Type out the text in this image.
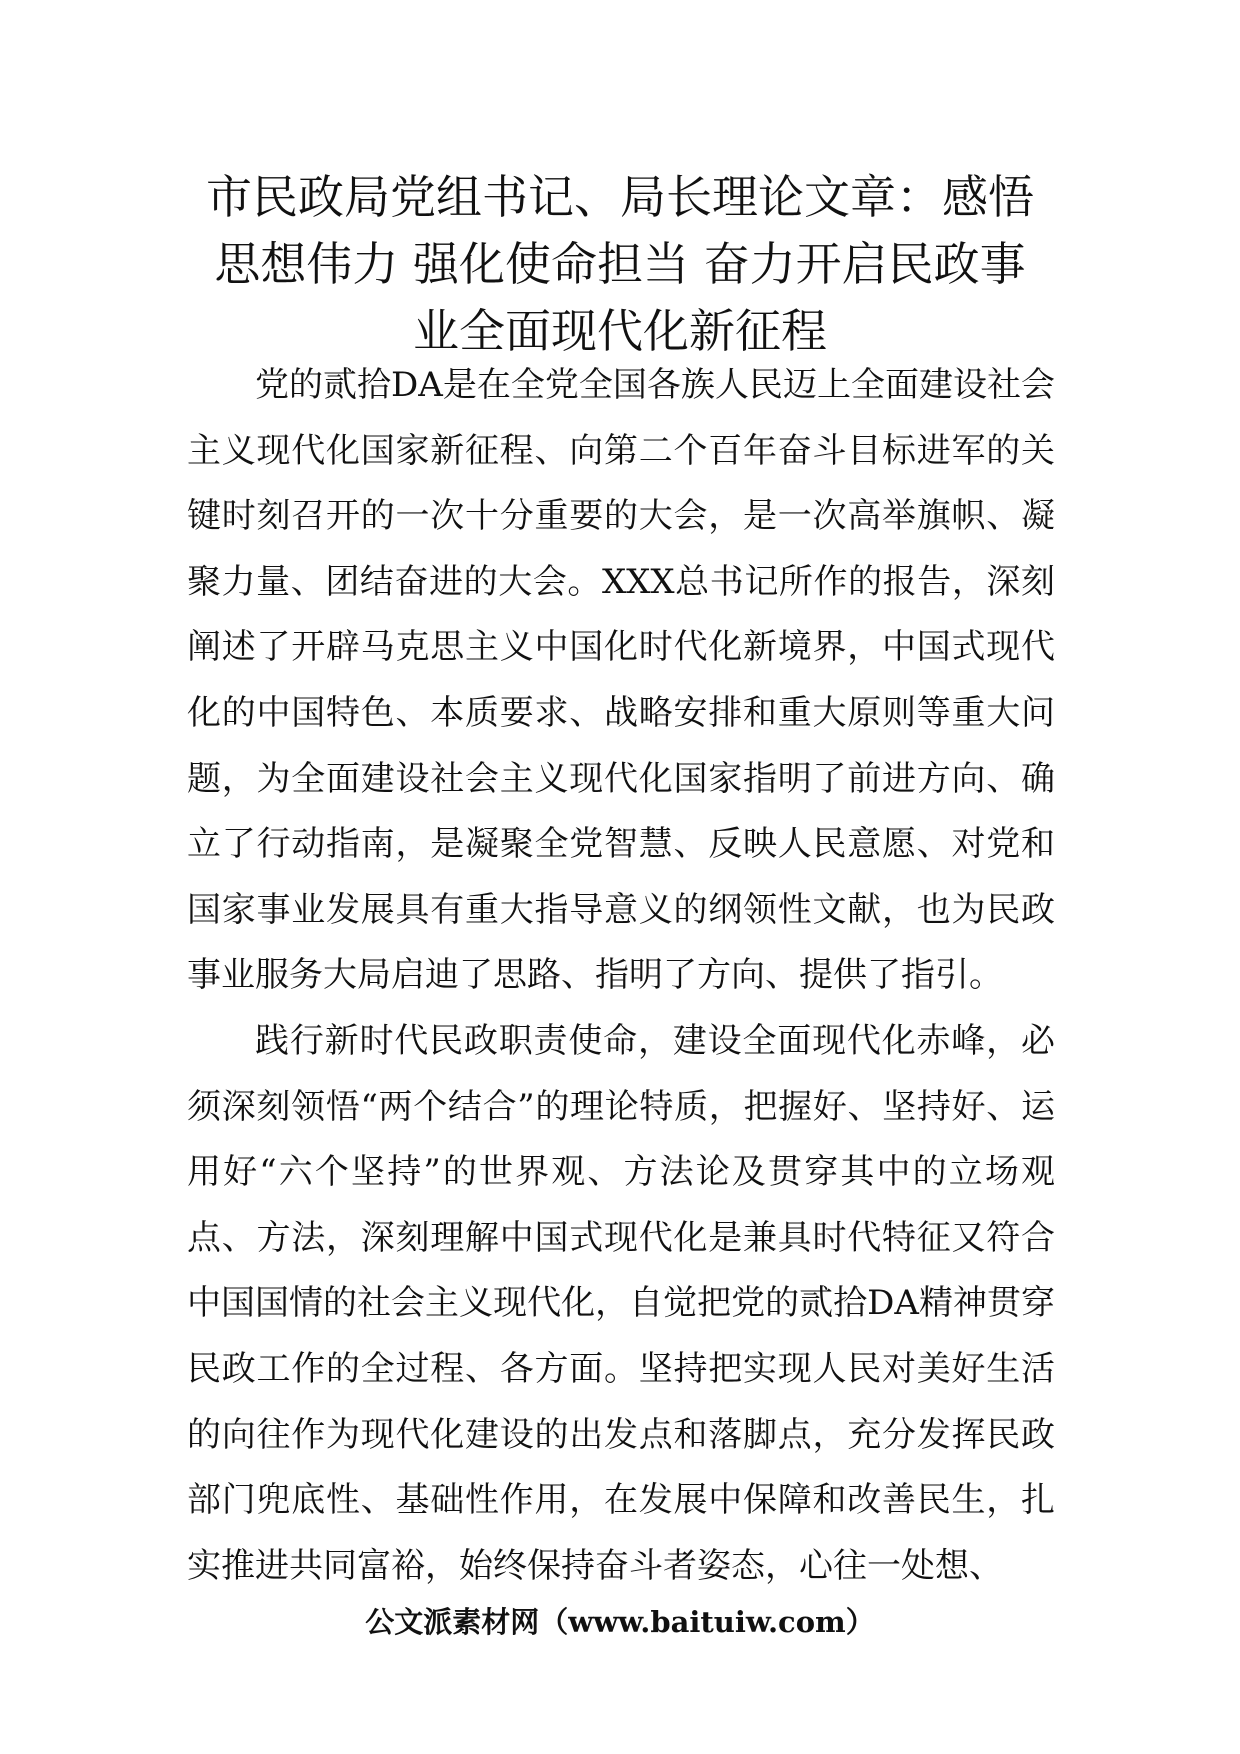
市民政局党组书记、局长理论文章：感悟思想伟力 强化使命担当 奋力开启民政事业全面现代化新征程

党的贰拾DA是在全党全国各族人民迈上全面建设社会主义现代化国家新征程、向第二个百年奋斗目标进军的关键时刻召开的一次十分重要的大会，是一次高举旗帜、凝聚力量、团结奋进的大会。XXX总书记所作的报告，深刻阐述了开辟马克思主义中国化时代化新境界，中国式现代化的中国特色、本质要求、战略安排和重大原则等重大问题，为全面建设社会主义现代化国家指明了前进方向、确立了行动指南，是凝聚全党智慧、反映人民意愿、对党和国家事业发展具有重大指导意义的纲领性文献，也为民政事业服务大局启迪了思路、指明了方向、提供了指引。

践行新时代民政职责使命，建设全面现代化赤峰，必须深刻领悟“两个结合”的理论特质，把握好、坚持好、运用好“六个坚持”的世界观、方法论及贯穿其中的立场观点、方法，深刻理解中国式现代化是兼具时代特征又符合中国国情的社会主义现代化，自觉把党的贰拾DA精神贯穿民政工作的全过程、各方面。坚持把实现人民对美好生活的向往作为现代化建设的出发点和落脚点，充分发挥民政部门兜底性、基础性作用，在发展中保障和改善民生，扎实推进共同富裕，始终保持奋斗者姿态，心往一处想、

公文派素材网（www.baituiw.com）
